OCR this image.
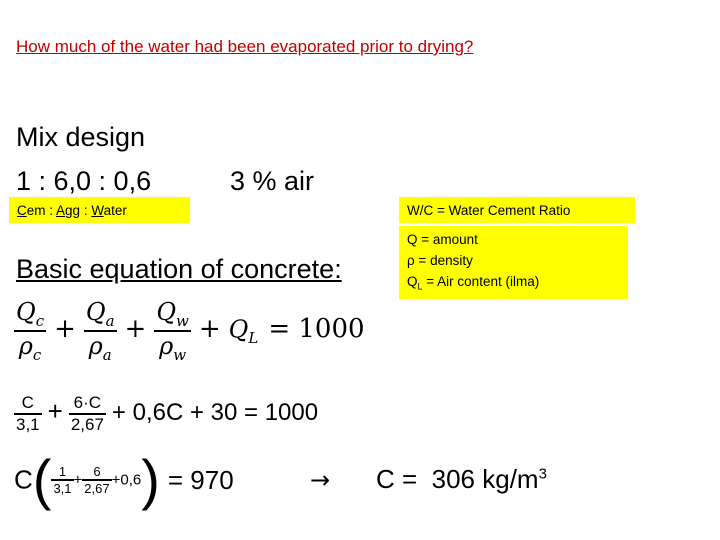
How much of the water had been evaporated prior to drying?
Mix design
1 : 6,0 : 0,6	3 % air
Cem : Agg : Water	W/C = Water Cement Ratio
Q = amount
ρ = density
$Q_L$ = Air content (ilma)
Basic equation of concrete:
$\frac{Q_c}{\rho_c} + \frac{Q_a}{\rho_a} + \frac{Q_w}{\rho_w} + Q_L = 1000$
$\frac{C}{3,1} + \frac{6\cdot C}{2,67} + 0,6C + 30 = 1000$
$C( \frac{1}{3,1} + \frac{6}{2,67} +0,6) = 970$	→ C =  306 $kg/m^3$
